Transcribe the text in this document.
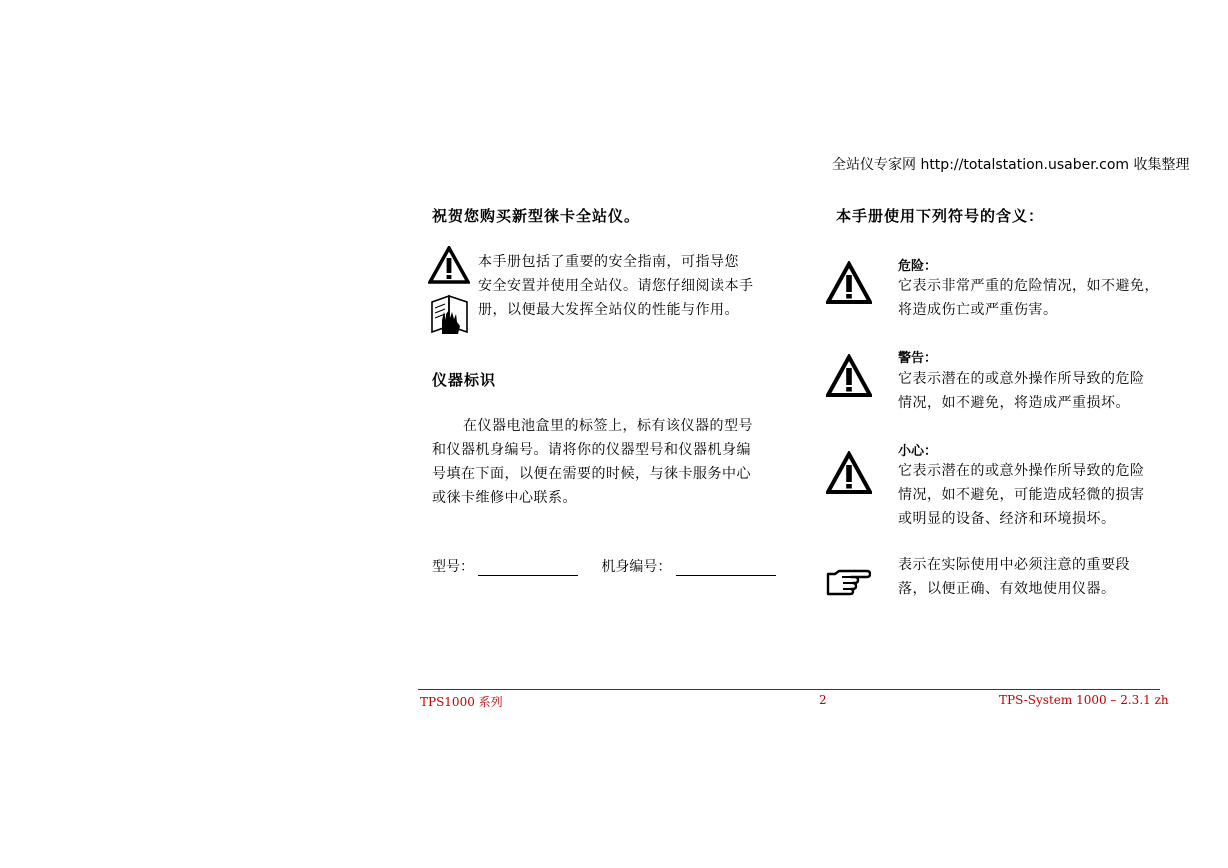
全站仪专家网 http://totalstation.usaber.com 收集整理
祝贺您购买新型徕卡全站仪。
本手册包括了重要的安全指南，可指导您
安全安置并使用全站仪。请您仔细阅读本手
册，以便最大发挥全站仪的性能与作用。
仪器标识
在仪器电池盒里的标签上，标有该仪器的型号
和仪器机身编号。请将你的仪器型号和仪器机身编
号填在下面，以便在需要的时候，与徕卡服务中心
或徕卡维修中心联系。
型号：	机身编号：
本手册使用下列符号的含义：
危险：
它表示非常严重的危险情况，如不避免，
将造成伤亡或严重伤害。
警告：
它表示潜在的或意外操作所导致的危险
情况，如不避免，将造成严重损坏。
小心：
它表示潜在的或意外操作所导致的危险
情况，如不避免，可能造成轻微的损害
或明显的设备、经济和环境损坏。
表示在实际使用中必须注意的重要段
落，以便正确、有效地使用仪器。
TPS1000 系列	2	TPS-System 1000 – 2.3.1 zh
